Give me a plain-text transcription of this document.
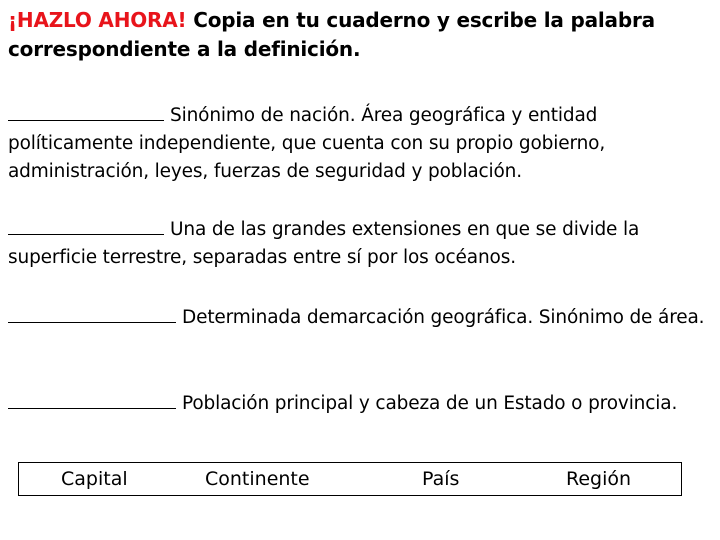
¡HAZLO AHORA! Copia en tu cuaderno y escribe la palabra correspondiente a la definición.

Sinónimo de nación. Área geográfica y entidad políticamente independiente, que cuenta con su propio gobierno, administración, leyes, fuerzas de seguridad y población.

Una de las grandes extensiones en que se divide la superficie terrestre, separadas entre sí por los océanos.

Determinada demarcación geográfica. Sinónimo de área.

Población principal y cabeza de un Estado o provincia.

Capital	Continente	País	Región
